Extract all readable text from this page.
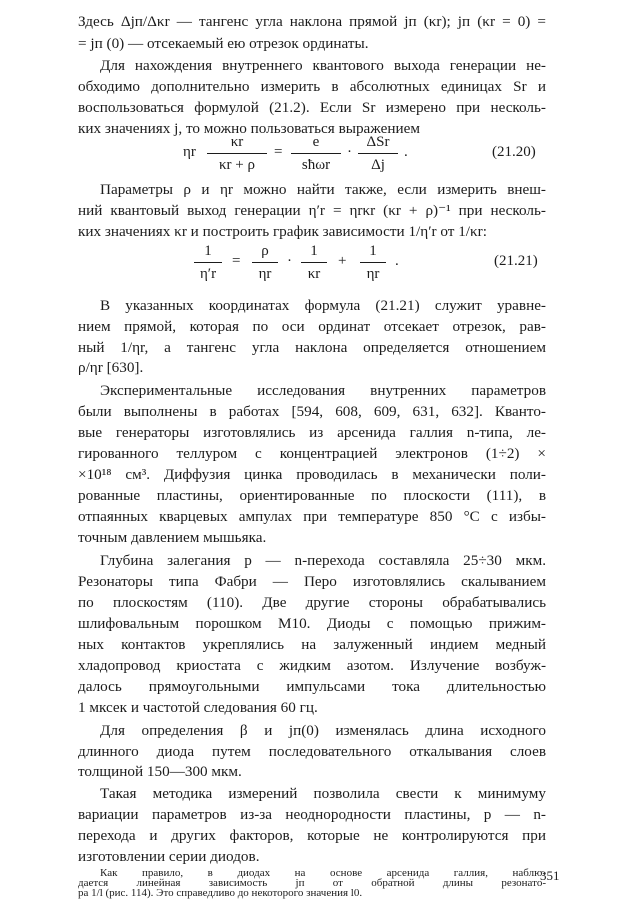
Здесь Δjп/Δκr — тангенс угла наклона прямой jп (κr); jп (κr = 0) =
= jп (0) — отсекаемый ею отрезок ординаты.
Для нахождения внутреннего квантового выхода генерации не-
обходимо дополнительно измерить в абсолютных единицах Sr и
воспользоваться формулой (21.2). Если Sr измерено при несколь-
ких значениях j, то можно пользоваться выражением
ηr
κr
κr + ρ
=
e
sħωr
·
ΔSr
Δj
.	(21.20)
Параметры ρ и ηr можно найти также, если измерить внеш-
ний квантовый выход генерации η′r = ηrκr (κr + ρ)⁻¹ при несколь-
ких значениях κr и построить график зависимости 1/η′r от 1/κr:
1
η′r
=
ρ
ηr
·
1
κr
+
1
ηr
.	(21.21)
В указанных координатах формула (21.21) служит уравне-
нием прямой, которая по оси ординат отсекает отрезок, рав-
ный 1/ηr, а тангенс угла наклона определяется отношением
ρ/ηr [630].
Экспериментальные исследования внутренних параметров
были выполнены в работах [594, 608, 609, 631, 632]. Кванто-
вые генераторы изготовлялись из арсенида галлия n-типа, ле-
гированного теллуром с концентрацией электронов (1÷2) ×
×10¹⁸ см³. Диффузия цинка проводилась в механически поли-
рованные пластины, ориентированные по плоскости (111), в
отпаянных кварцевых ампулах при температуре 850 °С с избы-
точным давлением мышьяка.
Глубина залегания p — n-перехода составляла 25÷30 мкм.
Резонаторы типа Фабри — Перо изготовлялись скалыванием
по плоскостям (110). Две другие стороны обрабатывались
шлифовальным порошком М10. Диоды с помощью прижим-
ных контактов укреплялись на залуженный индием медный
хладопровод криостата с жидким азотом. Излучение возбуж-
далось прямоугольными импульсами тока длительностью
1 мксек и частотой следования 60 гц.
Для определения β и jп(0) изменялась длина исходного
длинного диода путем последовательного откалывания слоев
толщиной 150—300 мкм.
Такая методика измерений позволила свести к минимуму
вариации параметров из-за неоднородности пластины, p — n-
перехода и других факторов, которые не контролируются при
изготовлении серии диодов.
Как правило, в диодах на основе арсенида галлия, наблю-
дается линейная зависимость jп от обратной длины резонато-
ра 1/l (рис. 114). Это справедливо до некоторого значения l0.
351
